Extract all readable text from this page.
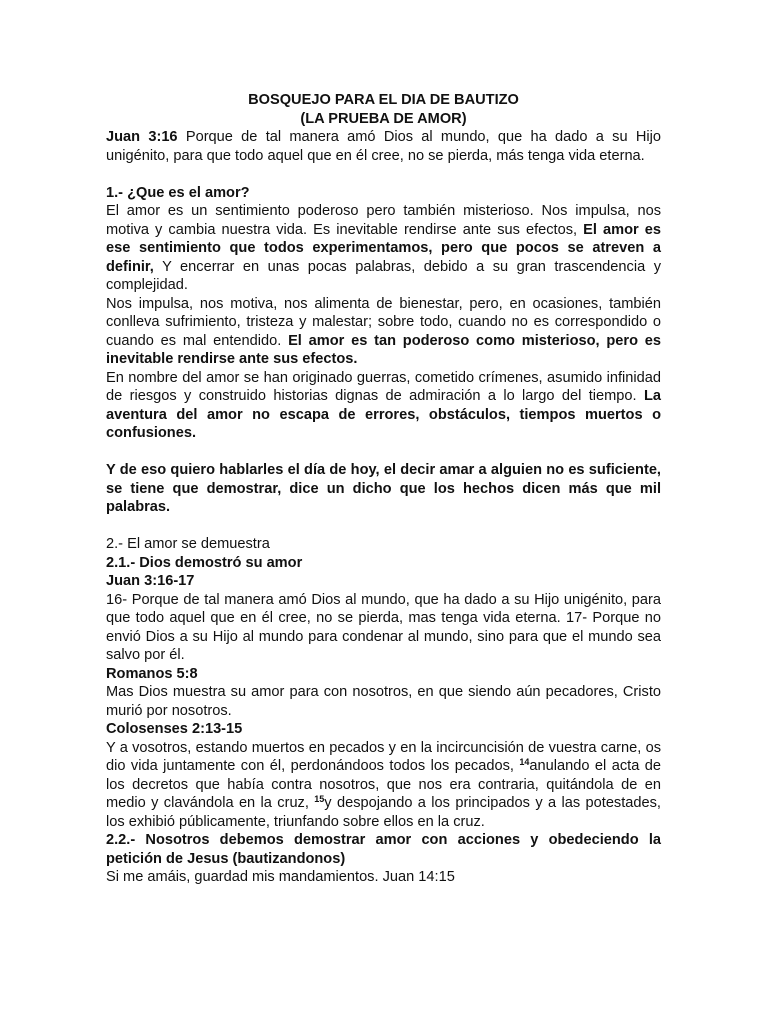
BOSQUEJO PARA EL DIA DE BAUTIZO
(LA PRUEBA DE AMOR)

Juan 3:16 Porque de tal manera amó Dios al mundo, que ha dado a su Hijo unigénito, para que todo aquel que en él cree, no se pierda, más tenga vida eterna.

1.- ¿Que es el amor?

El amor es un sentimiento poderoso pero también misterioso. Nos impulsa, nos motiva y cambia nuestra vida. Es inevitable rendirse ante sus efectos, El amor es ese sentimiento que todos experimentamos, pero que pocos se atreven a definir, Y encerrar en unas pocas palabras, debido a su gran trascendencia y complejidad.

Nos impulsa, nos motiva, nos alimenta de bienestar, pero, en ocasiones, también conlleva sufrimiento, tristeza y malestar; sobre todo, cuando no es correspondido o cuando es mal entendido. El amor es tan poderoso como misterioso, pero es inevitable rendirse ante sus efectos.

En nombre del amor se han originado guerras, cometido crímenes, asumido infinidad de riesgos y construido historias dignas de admiración a lo largo del tiempo. La aventura del amor no escapa de errores, obstáculos, tiempos muertos o confusiones.

Y de eso quiero hablarles el día de hoy, el decir amar a alguien no es suficiente, se tiene que demostrar, dice un dicho que los hechos dicen más que mil palabras.

2.- El amor se demuestra

2.1.- Dios demostró su amor

Juan 3:16-17

16- Porque de tal manera amó Dios al mundo, que ha dado a su Hijo unigénito, para que todo aquel que en él cree, no se pierda, mas tenga vida eterna. 17- Porque no envió Dios a su Hijo al mundo para condenar al mundo, sino para que el mundo sea salvo por él.

Romanos 5:8

Mas Dios muestra su amor para con nosotros, en que siendo aún pecadores, Cristo murió por nosotros.

Colosenses 2:13-15

Y a vosotros, estando muertos en pecados y en la incircuncisión de vuestra carne, os dio vida juntamente con él, perdonándoos todos los pecados, $^{14}$anulando el acta de los decretos que había contra nosotros, que nos era contraria, quitándola de en medio y clavándola en la cruz, $^{15}$y despojando a los principados y a las potestades, los exhibió públicamente, triunfando sobre ellos en la cruz.

2.2.- Nosotros debemos demostrar amor con acciones y obedeciendo la petición de Jesus (bautizandonos)

Si me amáis, guardad mis mandamientos. Juan 14:15
